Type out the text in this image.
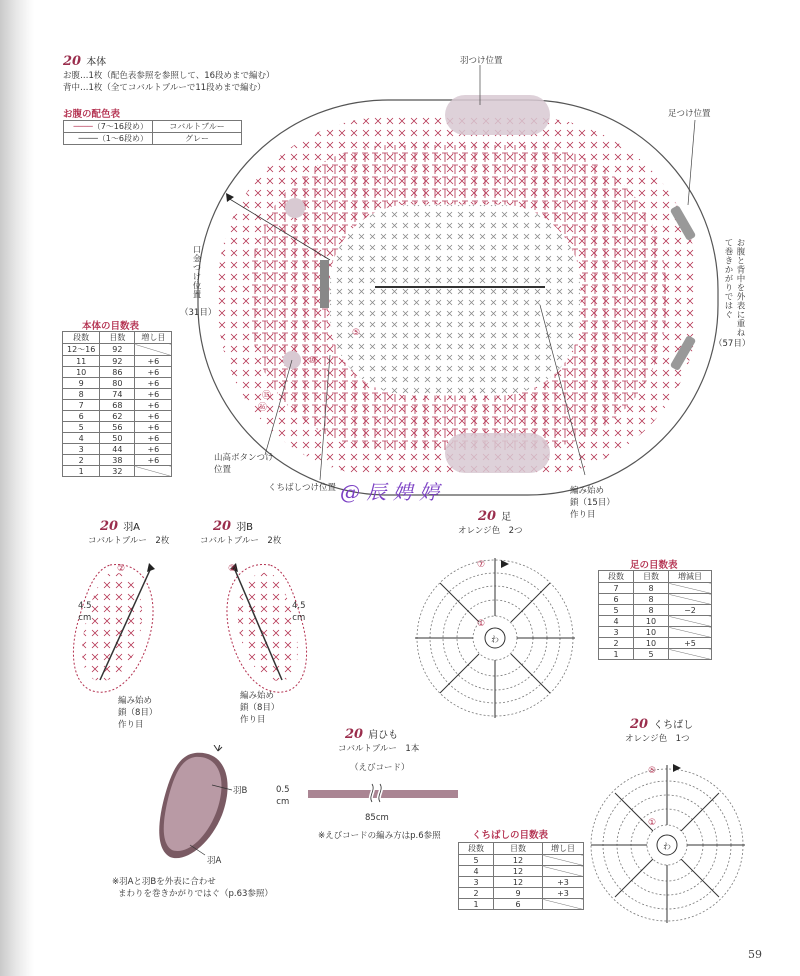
20 本体
お腹…1枚（配色表参照を参照して、16段めまで編む）
背中…1枚（全てコバルトブルーで11段めまで編む）
お腹の配色表
────（7〜16段め）	コバルトブルー
────（1〜6段め）	グレー
本体の目数表
段数	目数	増し目
12〜16	92	
11	92	+6
10	86	+6
9	80	+6
8	74	+6
7	68	+6
6	62	+6
5	56	+6
4	50	+6
3	44	+6
2	38	+6
1	32	
⑤
⑩
⑮
⑯
羽つけ位置
足つけ位置
口金つけ位置
（31目）	お腹と背中を外表に重ねて巻きかがりではぐ
（57目）
山高ボタンつけ位置
くちばしつけ位置	編み始め
鎖（15目）
作り目
@ 辰 娉 婷
20 羽A
コバルトブルー　2枚
②
4.5
cm
編み始め
鎖（8目）
作り目
20 羽B
コバルトブルー　2枚
②
4.5
cm
編み始め
鎖（8目）
作り目
羽B
羽A
※羽Aと羽Bを外表に合わせ
まわりを巻きかがりではぐ（p.63参照）
20 足
オレンジ色　2つ
わ
⑦
①
足の目数表
段数	目数	増減目
7	8	
6	8	
5	8	−2
4	10	
3	10	
2	10	+5
1	5	
20 肩ひも
コバルトブルー　1本
（えびコード）
0.5
cm
85cm
※えびコードの編み方はp.6参照
20 くちばし
オレンジ色　1つ
わ
⑤
①
くちばしの目数表
段数	目数	増し目
5	12	
4	12	
3	12	+3
2	9	+3
1	6	
59
